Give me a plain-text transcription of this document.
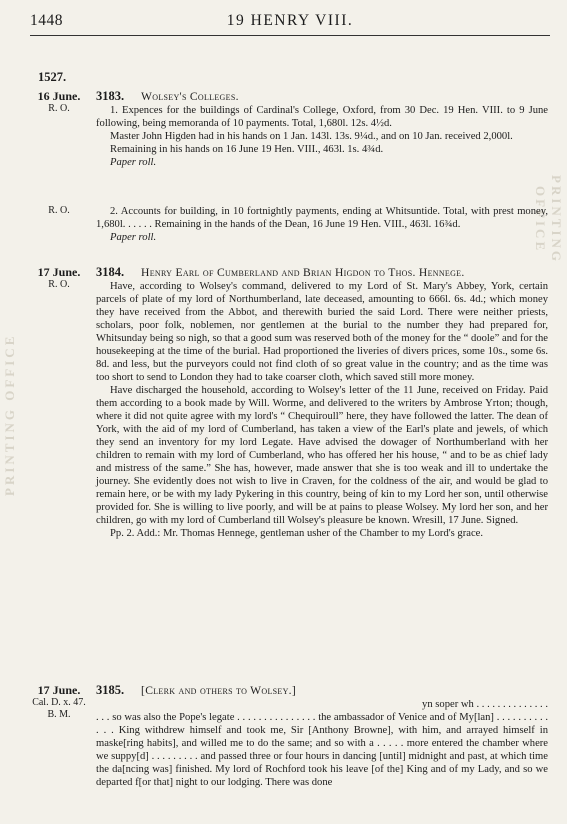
1448	19 HENRY VIII.
PRINTING OFFICE
PRINTING OFFICE
1527.
16 June.
R. O.
3183. Wolsey's Colleges.

1. Expences for the buildings of Cardinal's College, Oxford, from 30 Dec. 19 Hen. VIII. to 9 June following, being memoranda of 10 payments. Total, 1,680l. 12s. 4½d.

Master John Higden had in his hands on 1 Jan. 143l. 13s. 9¼d., and on 10 Jan. received 2,000l.

Remaining in his hands on 16 June 19 Hen. VIII., 463l. 1s. 4¾d.

Paper roll.

R. O.	2. Accounts for building, in 10 fortnightly payments, ending at Whitsuntide. Total, with prest money, 1,680l. . . . . . Remaining in the hands of the Dean, 16 June 19 Hen. VIII., 463l. 16¾d.

Paper roll.

17 June.
R. O.
3184. Henry Earl of Cumberland and Brian Higdon to Thos. Hennege.

Have, according to Wolsey's command, delivered to my Lord of St. Mary's Abbey, York, certain parcels of plate of my lord of Northumberland, late deceased, amounting to 666l. 6s. 4d.; which money they have received from the Abbot, and therewith buried the said Lord. There were neither priests, scholars, poor folk, noblemen, nor gentlemen at the burial to the number they had prepared for, Whitsunday being so nigh, so that a good sum was reserved both of the money for the “ doole” and for the housekeeping at the time of the burial. Had proportioned the liveries of divers prices, some 10s., some 6s. 8d. and less, but the purveyors could not find cloth of so great value in the country; and as the time was too short to send to London they had to take coarser cloth, which saved still more money.

Have discharged the household, according to Wolsey's letter of the 11 June, received on Friday. Paid them according to a book made by Will. Worme, and delivered to the writers by Ambrose Yrton; though, where it did not quite agree with my lord's “ Chequiroull” here, they have followed the latter. The dean of York, with the aid of my lord of Cumberland, has taken a view of the Earl's plate and jewels, of which they send an inventory for my lord Legate. Have advised the dowager of Northumberland with her children to remain with my lord of Cumberland, who has offered her his house, “ and to be as chief lady and mistress of the same.” She has, however, made answer that she is too weak and ill to undertake the journey. She evidently does not wish to live in Craven, for the coldness of the air, and would be glad to remain here, or be with my lady Pykering in this country, being of kin to my Lord her son, until otherwise provided for. She is willing to live poorly, and will be at pains to please Wolsey. My lord her son, and her children, go with my lord of Cumberland till Wolsey's pleasure be known. Wresill, 17 June. Signed.

Pp. 2. Add.: Mr. Thomas Hennege, gentleman usher of the Chamber to my Lord's grace.

17 June.
Cal. D. x. 47.
B. M.
3185. [Clerk and others to Wolsey.]

yn soper wh . . . . . . . . . . . . . .

. . . so was also the Pope's legate . . . . . . . . . . . . . . . the ambassador of Venice and of My[lan] . . . . . . . . . . . . . King withdrew himself and took me, Sir [Anthony Browne], with him, and arrayed himself in maske[ring habits], and willed me to do the same; and so with a . . . . . more entered the chamber where we suppy[d] . . . . . . . . . and passed three or four hours in dancing [until] midnight and past, at which time the da[ncing was] finished. My lord of Rochford took his leave [of the] King and of my Lady, and so we departed f[or that] night to our lodging. There was done
